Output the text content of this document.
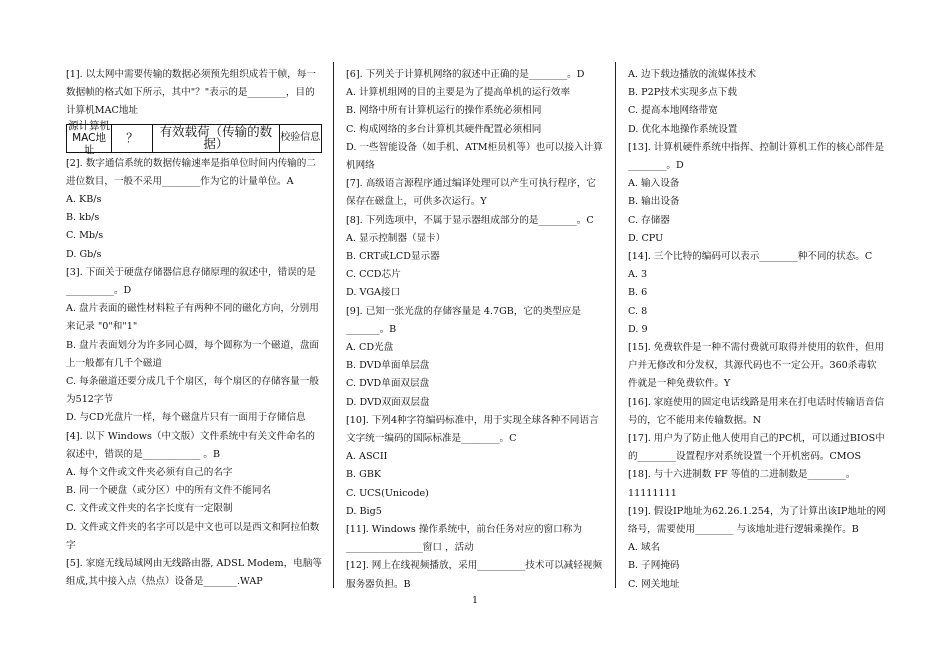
[1]. 以太网中需要传输的数据必须预先组织成若干帧，每一数据帧的格式如下所示，其中"？"表示的是________，目的计算机MAC地址

源计算机MAC地址
？	有效载荷（传输的数据）	校验信息

[2]. 数字通信系统的数据传输速率是指单位时间内传输的二进位数目，一般不采用________作为它的计量单位。A

A. KB/s

B. kb/s

C. Mb/s

D. Gb/s

[3]. 下面关于硬盘存储器信息存储原理的叙述中，错误的是__________。D

A. 盘片表面的磁性材料粒子有两种不同的磁化方向，分别用来记录 "0"和"1"

B. 盘片表面划分为许多同心圆，每个圆称为一个磁道，盘面上一般都有几千个磁道

C. 每条磁道还要分成几千个扇区，每个扇区的存储容量一般为512字节

D. 与CD光盘片一样，每个磁盘片只有一面用于存储信息

[4]. 以下 Windows（中文版）文件系统中有关文件命名的叙述中，错误的是____________ 。B

A. 每个文件或文件夹必须有自己的名字

B. 同一个硬盘（或分区）中的所有文件不能同名

C. 文件或文件夹的名字长度有一定限制

D. 文件或文件夹的名字可以是中文也可以是西文和阿拉伯数字

[5]. 家庭无线局域网由无线路由器, ADSL Modem，电脑等组成,其中接入点（热点）设备是_______.WAP

[6]. 下列关于计算机网络的叙述中正确的是________。D

A. 计算机组网的目的主要是为了提高单机的运行效率

B. 网络中所有计算机运行的操作系统必须相同

C. 构成网络的多台计算机其硬件配置必须相同

D. 一些智能设备（如手机、ATM柜员机等）也可以接入计算机网络

[7]. 高级语言源程序通过编译处理可以产生可执行程序，它保存在磁盘上，可供多次运行。Y

[8]. 下列选项中，不属于显示器组成部分的是________。C

A. 显示控制器（显卡）

B. CRT或LCD显示器

C. CCD芯片

D. VGA接口

[9]. 已知一张光盘的存储容量是 4.7GB，它的类型应是_______。B

A. CD光盘

B. DVD单面单层盘

C. DVD单面双层盘

D. DVD双面双层盘

[10]. 下列4种字符编码标准中，用于实现全球各种不同语言文字统一编码的国际标准是________。C

A. ASCII

B. GBK

C. UCS(Unicode)

D. Big5

[11]. Windows 操作系统中，前台任务对应的窗口称为________________窗口 ，活动

[12]. 网上在线视频播放，采用__________技术可以减轻视频服务器负担。B

A. 边下载边播放的流媒体技术

B. P2P技术实现多点下载

C. 提高本地网络带宽

D. 优化本地操作系统设置

[13]. 计算机硬件系统中指挥、控制计算机工作的核心部件是________。D

A. 输入设备

B. 输出设备

C. 存储器

D. CPU

[14]. 三个比特的编码可以表示________种不同的状态。C

A. 3

B. 6

C. 8

D. 9

[15]. 免费软件是一种不需付费就可取得并使用的软件，但用户并无修改和分发权，其源代码也不一定公开。360杀毒软件就是一种免费软件。Y

[16]. 家庭使用的固定电话线路是用来在打电话时传输语音信号的，它不能用来传输数据。N

[17]. 用户为了防止他人使用自己的PC机，可以通过BIOS中的________设置程序对系统设置一个开机密码。CMOS

[18]. 与十六进制数 FF 等值的二进制数是________。11111111

[19]. 假设IP地址为62.26.1.254，为了计算出该IP地址的网络号，需要使用________ 与该地址进行逻辑乘操作。B

A. 域名

B. 子网掩码

C. 网关地址

1
